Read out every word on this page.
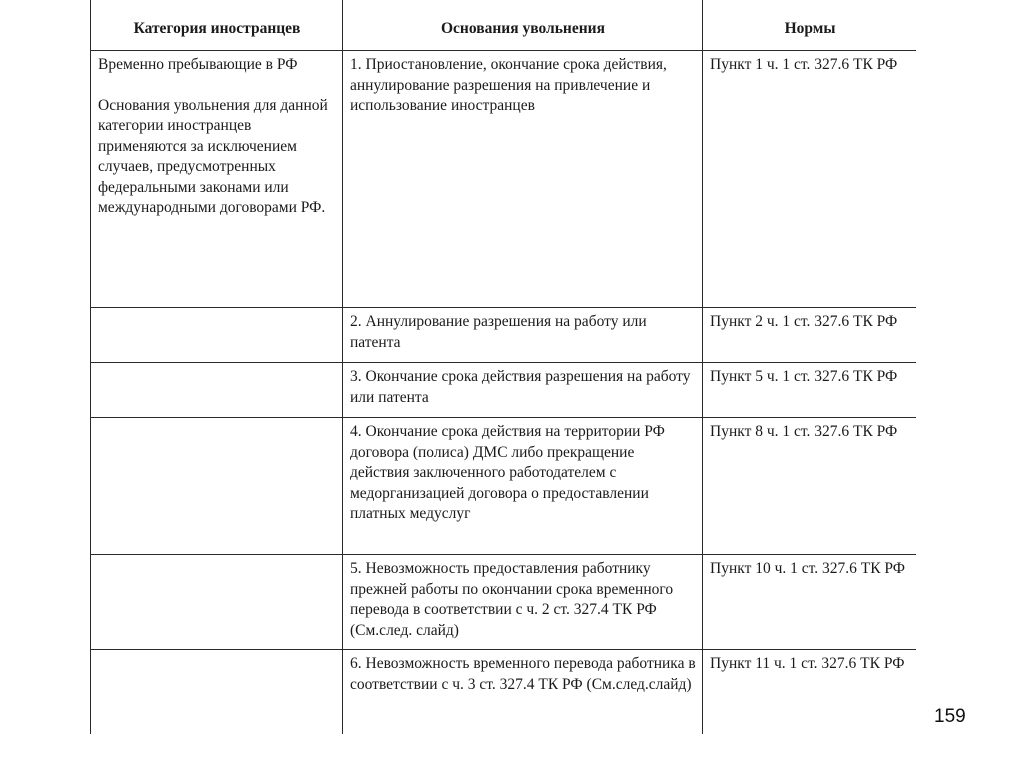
Категория иностранцев	Основания увольнения	Нормы

Временно пребывающие в РФ

Основания увольнения для данной категории иностранцев применяются за исключением случаев, предусмотренных федеральными законами или международными договорами РФ.	1. Приостановление, окончание срока действия, аннулирование разрешения на привлечение и использование иностранцев	Пункт 1 ч. 1 ст. 327.6 ТК РФ
	2. Аннулирование разрешения на работу или патента	Пункт 2 ч. 1 ст. 327.6 ТК РФ
	3. Окончание срока действия разрешения на работу или патента	Пункт 5 ч. 1 ст. 327.6 ТК РФ
	4. Окончание срока действия на территории РФ договора (полиса) ДМС либо прекращение действия заключенного работодателем с медорганизацией договора о предоставлении платных медуслуг	Пункт 8 ч. 1 ст. 327.6 ТК РФ
	5. Невозможность предоставления работнику прежней работы по окончании срока временного перевода в соответствии с ч. 2 ст. 327.4 ТК РФ (См.след. слайд)	Пункт 10 ч. 1 ст. 327.6 ТК РФ
	6. Невозможность временного перевода работника в соответствии с ч. 3 ст. 327.4 ТК РФ (См.след.слайд)	Пункт 11 ч. 1 ст. 327.6 ТК РФ
159
